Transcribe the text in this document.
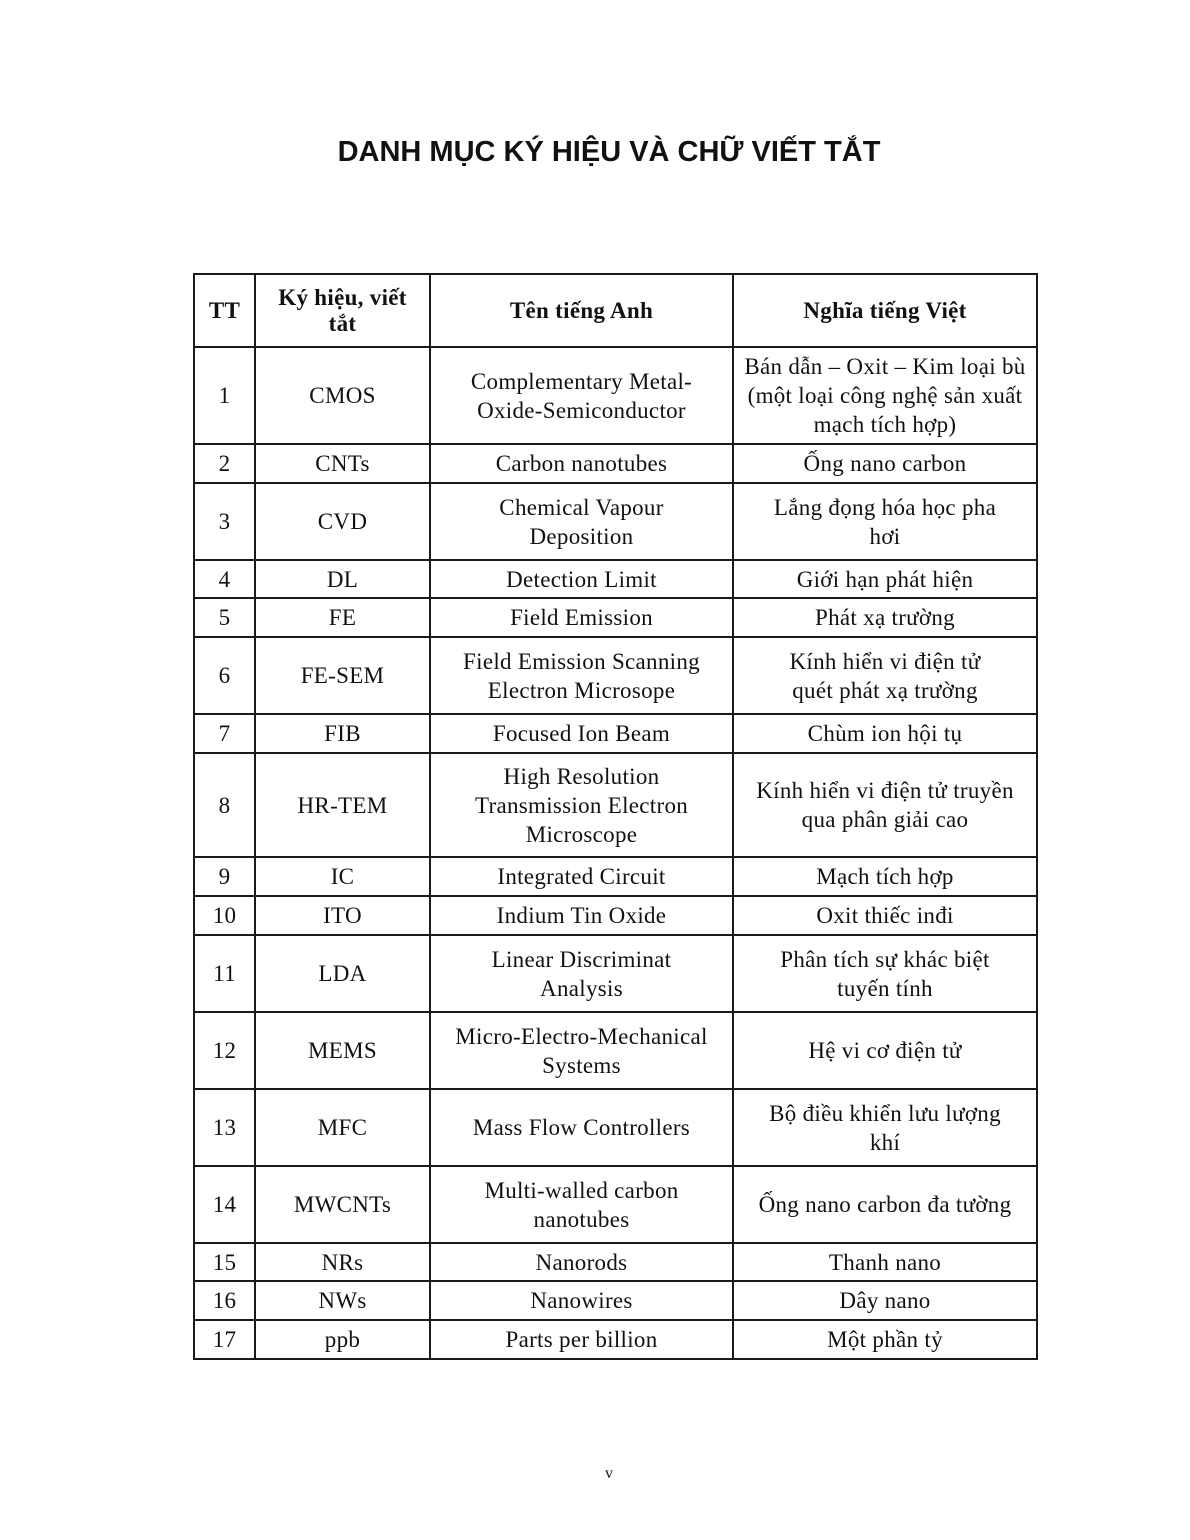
DANH MỤC KÝ HIỆU VÀ CHỮ VIẾT TẮT
TT	Ký hiệu, viết tắt	Tên tiếng Anh	Nghĩa tiếng Việt
1	CMOS	Complementary Metal-Oxide-Semiconductor	Bán dẫn – Oxit – Kim loại bù (một loại công nghệ sản xuất mạch tích hợp)
2	CNTs	Carbon nanotubes	Ống nano carbon
3	CVD	Chemical Vapour Deposition	Lắng đọng hóa học pha hơi
4	DL	Detection Limit	Giới hạn phát hiện
5	FE	Field Emission	Phát xạ trường
6	FE-SEM	Field Emission Scanning Electron Microsope	Kính hiển vi điện tử quét phát xạ trường
7	FIB	Focused Ion Beam	Chùm ion hội tụ
8	HR-TEM	High Resolution Transmission Electron Microscope	Kính hiển vi điện tử truyền qua phân giải cao
9	IC	Integrated Circuit	Mạch tích hợp
10	ITO	Indium Tin Oxide	Oxit thiếc inđi
11	LDA	Linear Discriminat Analysis	Phân tích sự khác biệt tuyến tính
12	MEMS	Micro-Electro-Mechanical Systems	Hệ vi cơ điện tử
13	MFC	Mass Flow Controllers	Bộ điều khiển lưu lượng khí
14	MWCNTs	Multi-walled carbon nanotubes	Ống nano carbon đa tường
15	NRs	Nanorods	Thanh nano
16	NWs	Nanowires	Dây nano
17	ppb	Parts per billion	Một phần tỷ

v
